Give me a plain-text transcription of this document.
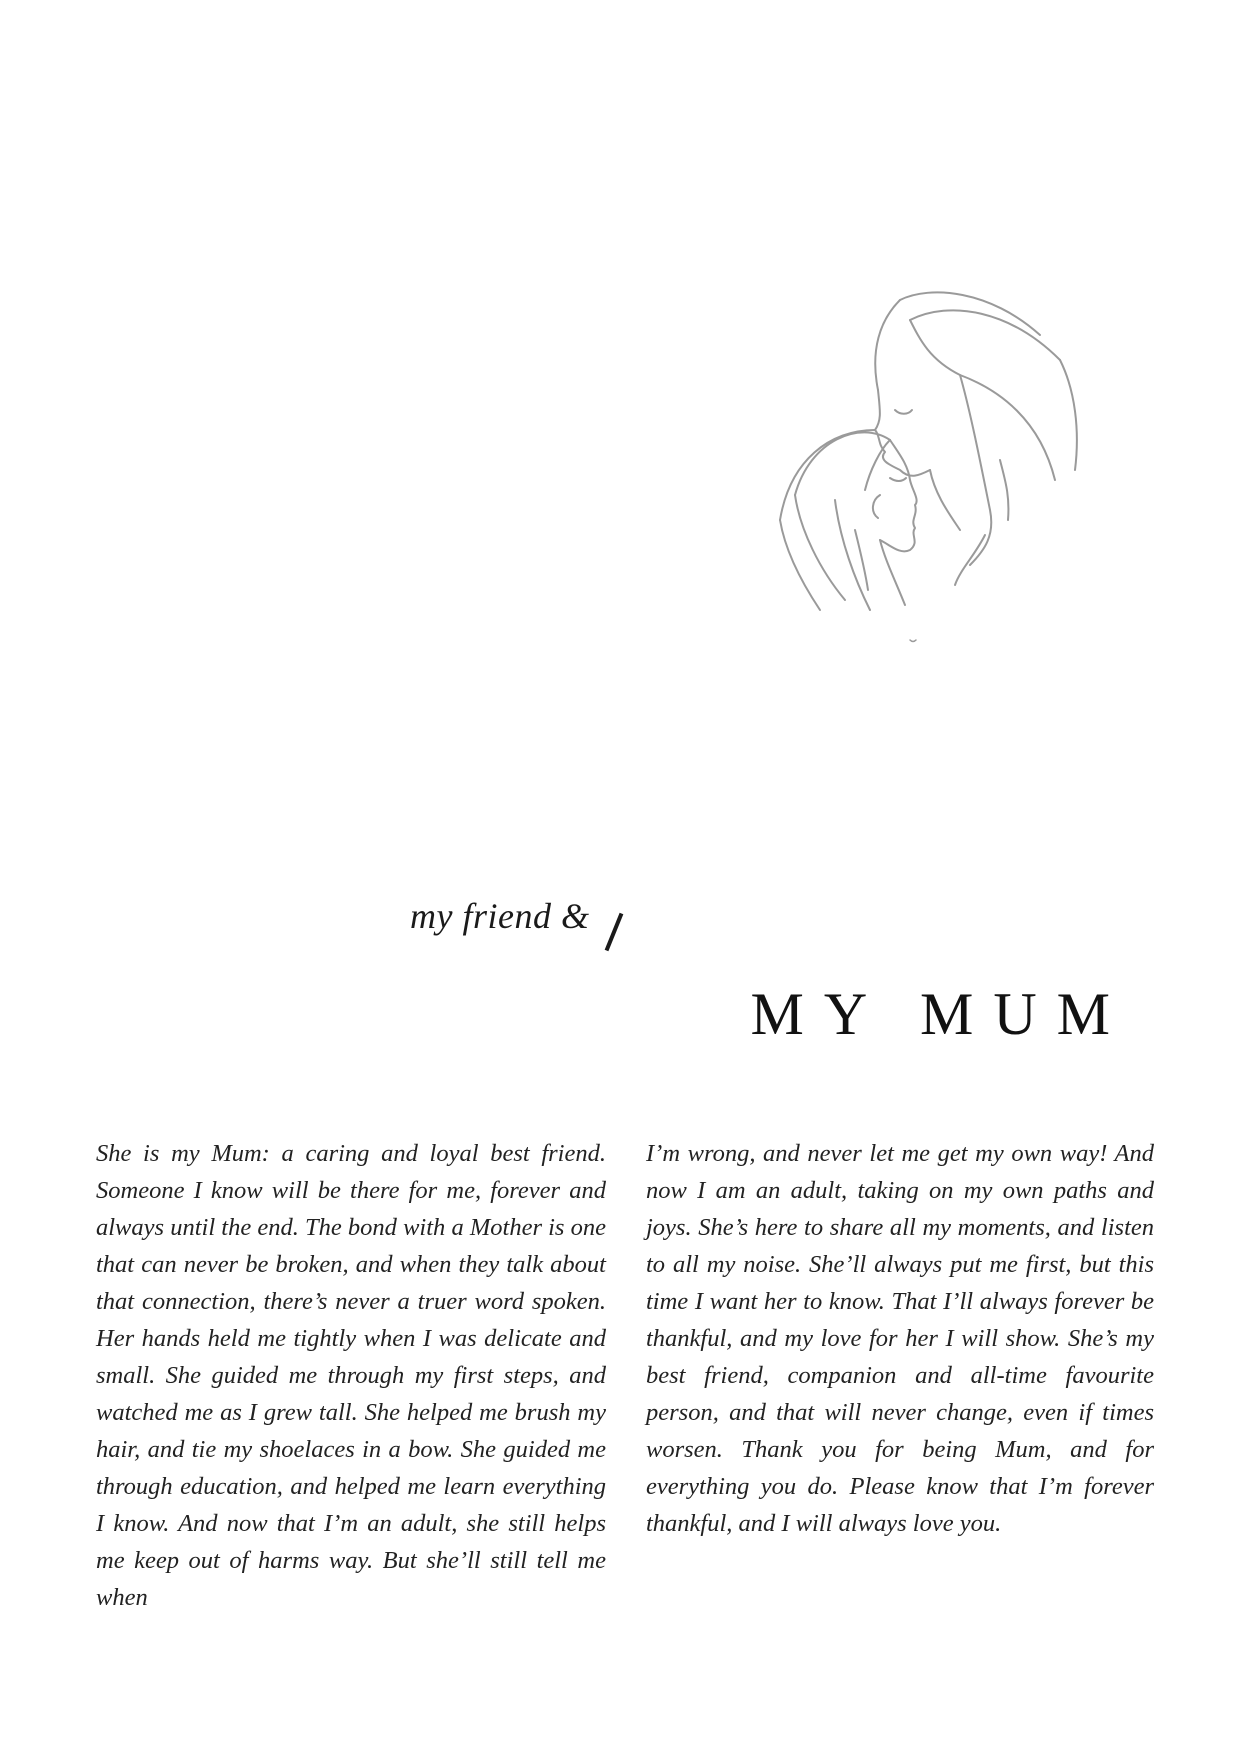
my friend &
MY MUM
She is my Mum: a caring and loyal best friend. Someone I know will be there for me, forever and always until the end. The bond with a Mother is one that can never be broken, and when they talk about that connection, there’s never a truer word spoken. Her hands held me tightly when I was delicate and small. She guided me through my first steps, and watched me as I grew tall. She helped me brush my hair, and tie my shoelaces in a bow. She guided me through education, and helped me learn everything I know. And now that I’m an adult, she still helps me keep out of harms way. But she’ll still tell me when
I’m wrong, and never let me get my own way! And now I am an adult, taking on my own paths and joys. She’s here to share all my moments, and listen to all my noise. She’ll always put me first, but this time I want her to know. That I’ll always forever be thankful, and my love for her I will show. She’s my best friend, companion and all-time favourite person, and that will never change, even if times worsen. Thank you for being Mum, and for everything you do. Please know that I’m forever thankful, and I will always love you.
